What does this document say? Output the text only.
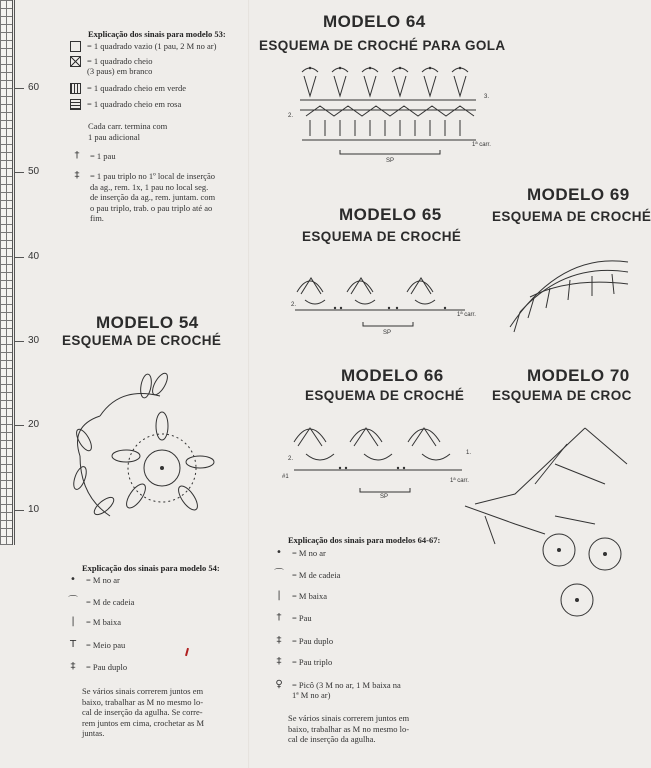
60
50
40
30
20
10
Explicação dos sinais para modelo 53:
= 1 quadrado vazio (1 pau, 2 M no ar)
= 1 quadrado cheio
(3 paus) em branco
= 1 quadrado cheio em verde
= 1 quadrado cheio em rosa
Cada carr. termina com
1 pau adicional
†	= 1 pau
‡	= 1 pau triplo no 1º local de inserção
da ag., rem. 1x, 1 pau no local seg.
de inserção da ag., rem. juntam. com
o pau triplo, trab. o pau triplo até ao
fim.
MODELO 64
ESQUEMA DE CROCHÉ PARA GOLA
3.
2.
1ª carr.
SP
MODELO 69
ESQUEMA DE CROCHÉ
MODELO 65
ESQUEMA DE CROCHÉ
2.
1ª carr.
SP
MODELO 54
ESQUEMA DE CROCHÉ
MODELO 66
ESQUEMA DE CROCHÉ
2.
1.
#1
1ª carr.
SP
MODELO 70
ESQUEMA DE CROC
Explicação dos sinais para modelos 64-67:
•	= M no ar
⌒ = M de cadeia
|	= M baixa
†	= Pau
‡	= Pau duplo
‡	= Pau triplo
♀	= Picô (3 M no ar, 1 M baixa na
1ª M no ar)
Se vários sinais correrem juntos em
baixo, trabalhar as M no mesmo lo-
cal de inserção da agulha.
Explicação dos sinais para modelo 54:
•	= M no ar
⌒ = M de cadeia
|	= M baixa
T	= Meio pau
‡	= Pau duplo
Se vários sinais correrem juntos em
baixo, trabalhar as M no mesmo lo-
cal de inserção da agulha. Se corre-
rem juntos em cima, crochetar as M
juntas.
